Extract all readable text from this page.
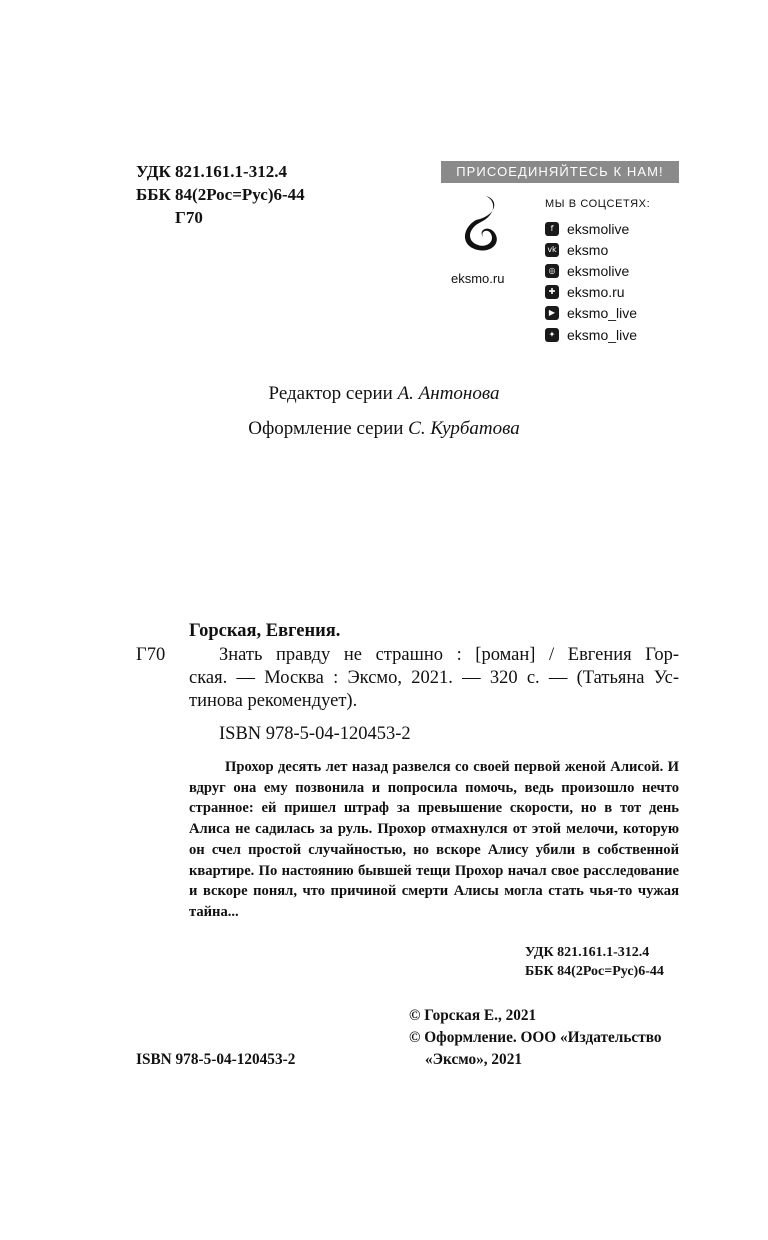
УДК 821.161.1-312.4
ББК 84(2Рос=Рус)6-44
Г70
ПРИСОЕДИНЯЙТЕСЬ К НАМ!
eksmo.ru
МЫ В СОЦСЕТЯХ:
f eksmolive
vk eksmo
◎ eksmolive
✚ eksmo.ru
▶ eksmo_live
✦ eksmo_live
Редактор серии А. Антонова
Оформление серии С. Курбатова
Горская, Евгения.
Г70	Знать правду не страшно : [роман] / Евгения Гор-
ская. — Москва : Эксмо, 2021. — 320 с. — (Татьяна Ус-
тинова рекомендует).
ISBN 978-5-04-120453-2

Прохор десять лет назад развелся со своей первой женой Алисой. И вдруг она ему позвонила и попросила помочь, ведь произошло нечто странное: ей пришел штраф за превышение скорости, но в тот день Алиса не садилась за руль. Прохор отмахнулся от этой мелочи, которую он счел простой случайностью, но вскоре Алису убили в собственной квартире. По настоянию бывшей тещи Прохор начал свое расследование и вскоре понял, что причиной смерти Алисы могла стать чья-то чужая тайна...

УДК 821.161.1-312.4
ББК 84(2Рос=Рус)6-44
© Горская Е., 2021
© Оформление. ООО «Издательство
«Эксмо», 2021
ISBN 978-5-04-120453-2
